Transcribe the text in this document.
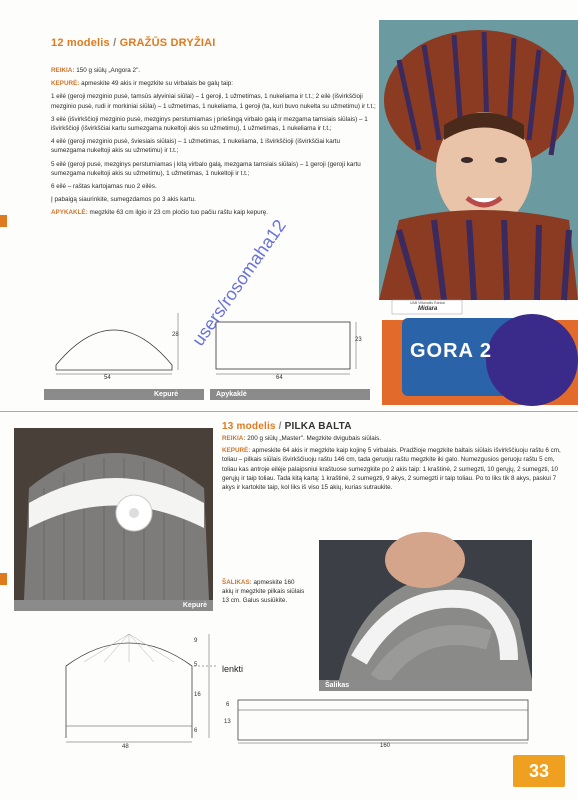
12 modelis / GRAŽŪS DRYŽIAI

REIKIA: 150 g siūlų „Angora 2".

KEPURĖ: apmeskite 49 akis ir megzkite su virbalais be galų taip:

1 eilė (geroji mezginio pusė, tamsūs alyviniai siūlai) – 1 geroji, 1 užmetimas, 1 nukeliama ir t.t.; 2 eilė (išvirkščioji mezginio pusė, rudi ir morkiniai siūlai) – 1 užmetimas, 1 nukeliama, 1 geroji (ta, kuri buvo nukelta su užmetimu) ir t.t.;

3 eilė (išvirkščioji mezginio pusė, mezginys perstumiamas į priešingą virbalo galą ir mezgama tamsiais siūlais) – 1 išvirkščioji (išvirkščiai kartu sumezgama nukeltoji akis su užmetimu), 1 užmetimas, 1 nukeliama ir t.t.;

4 eilė (geroji mezginio pusė, šviesiais siūlais) – 1 užmetimas, 1 nukeliama, 1 išvirkščioji (išvirkščiai kartu sumezgama nukeltoji akis su užmetimu) ir t.t.;

5 eilė (geroji pusė, mezginys perstumiamas į kitą virbalo galą, mezgama tamsiais siūlais) – 1 geroji (geroji kartu sumezgama nukeltoji akis su užmetimu), 1 užmetimas, 1 nukeltoji ir t.t.;

6 eilė – raštas kartojamas nuo 2 eilės.

Į pabaigą siaurinkite, sumegzdamos po 3 akis kartu.

APYKAKLĖ: megzkite 63 cm ilgio ir 23 cm pločio tuo pačiu raštu kaip kepurę.

UAB Viltanaitis Rankai
Midara
GORA 2
28
54
Kepurė
23
64
Apykaklė
Kepurė
13 modelis / PILKA BALTA

REIKIA: 200 g siūlų „Master". Megzkite dvigubais siūlais.

KEPURĖ: apmeskite 64 akis ir megzkite kaip kojinę 5 virbalais. Pradžioje megzkite baltais siūlais išvirkščiuoju raštu 6 cm, toliau – pilkais siūlais išvirkščiuoju raštu 146 cm, tada geruoju raštu megzkite iki galo. Numezgusios geruoju raštu 5 cm, toliau kas antroje eilėje palaipsniui kraštuose sumezgkite po 2 akis taip: 1 kraštinė, 2 sumegzti, 10 gerųjų, 2 sumegzti, 10 gerųjų ir taip toliau. Tada kitą kartą: 1 kraštinė, 2 sumegzti, 9 akys, 2 sumegzti ir taip toliau. Po to liks tik 8 akys, paskui 7 akys ir kartokite taip, kol liks iš viso 15 akių, kurias sutraukite.

ŠALIKAS: apmeskite 160 akių ir megzkite pilkais siūlais 13 cm. Galus susiūkite.

Šalikas
9
5	lenkti
16
6
48
6
13
160
users/rosomaha12
33
